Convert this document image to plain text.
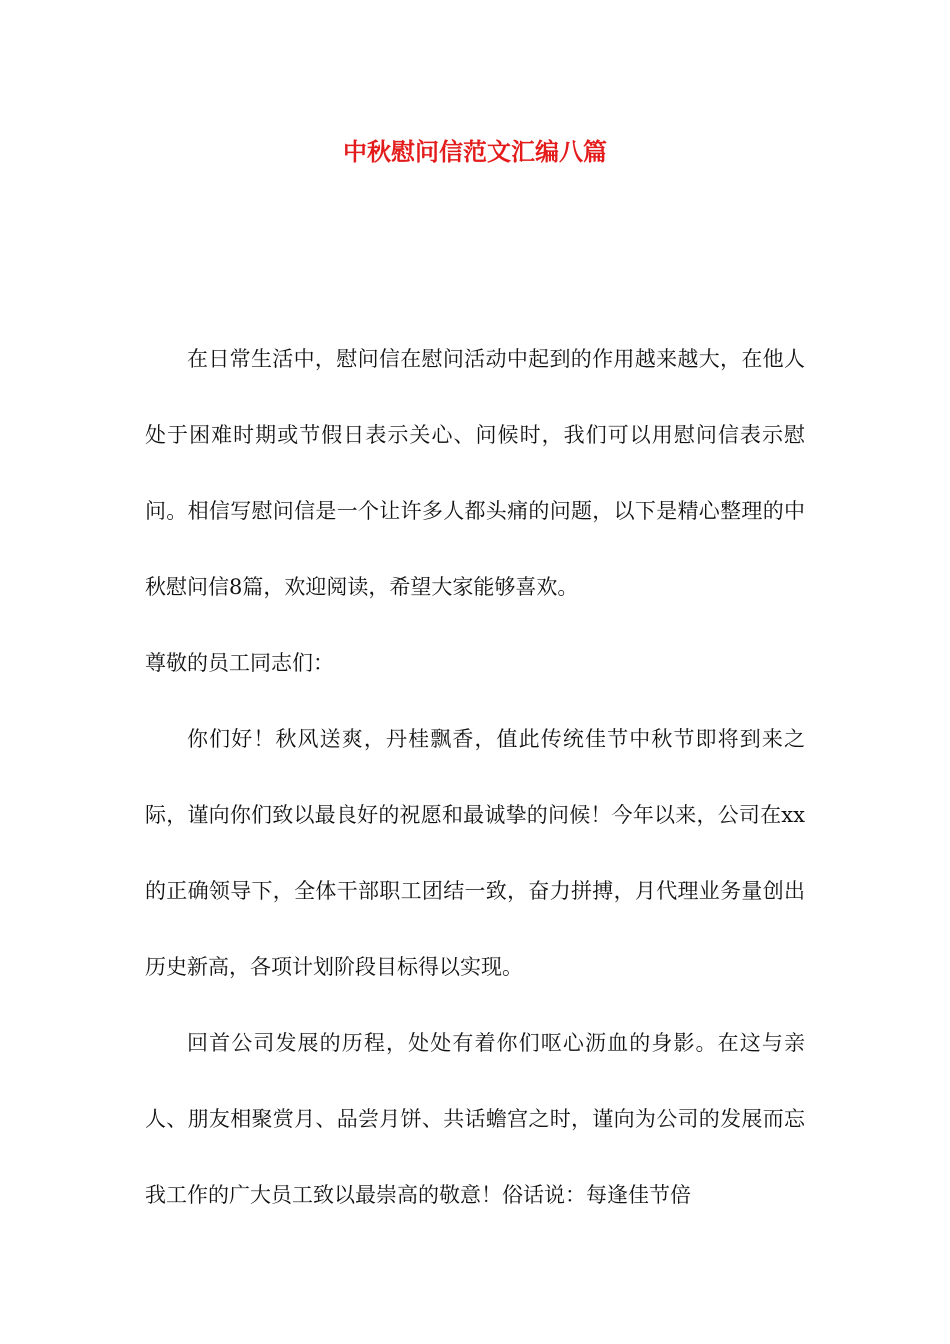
中秋慰问信范文汇编八篇

在日常生活中，慰问信在慰问活动中起到的作用越来越大，在他人处于困难时期或节假日表示关心、问候时，我们可以用慰问信表示慰问。相信写慰问信是一个让许多人都头痛的问题，以下是精心整理的中秋慰问信8篇，欢迎阅读，希望大家能够喜欢。

尊敬的员工同志们：

你们好！秋风送爽，丹桂飘香，值此传统佳节中秋节即将到来之际，谨向你们致以最良好的祝愿和最诚挚的问候！今年以来，公司在xx的正确领导下，全体干部职工团结一致，奋力拼搏，月代理业务量创出历史新高，各项计划阶段目标得以实现。

回首公司发展的历程，处处有着你们呕心沥血的身影。在这与亲人、朋友相聚赏月、品尝月饼、共话蟾宫之时，谨向为公司的发展而忘我工作的广大员工致以最崇高的敬意！俗话说：每逢佳节倍
